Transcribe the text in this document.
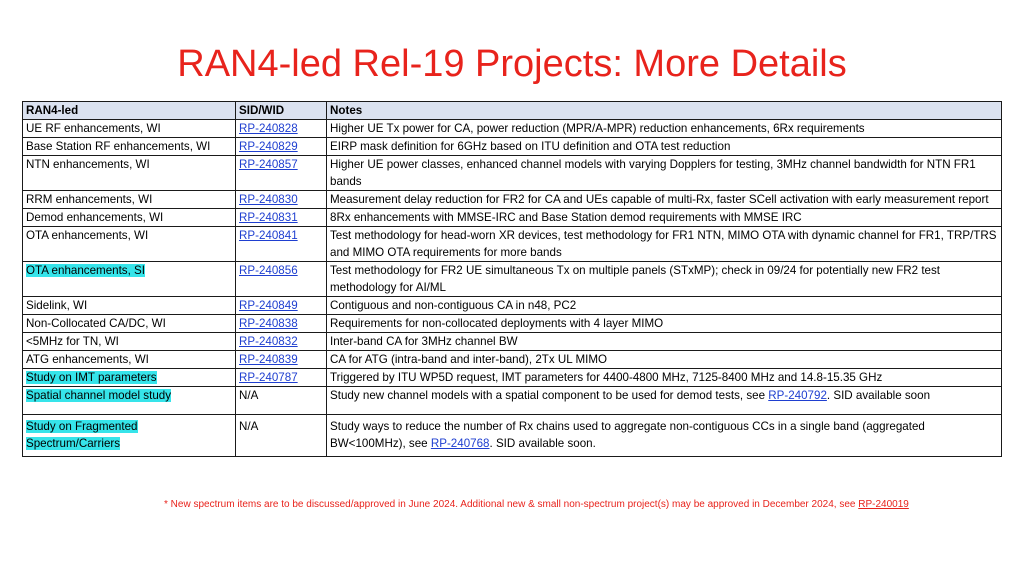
RAN4-led Rel-19 Projects: More Details
RAN4-led	SID/WID	Notes
UE RF enhancements, WI	RP-240828	Higher UE Tx power for CA, power reduction (MPR/A-MPR) reduction enhancements, 6Rx requirements
Base Station RF enhancements, WI	RP-240829	EIRP mask definition for 6GHz based on ITU definition and OTA test reduction
NTN enhancements, WI	RP-240857	Higher UE power classes, enhanced channel models with varying Dopplers for testing, 3MHz channel bandwidth for NTN FR1 bands
RRM enhancements, WI	RP-240830	Measurement delay reduction for FR2 for CA and UEs capable of multi-Rx, faster SCell activation with early measurement report
Demod enhancements, WI	RP-240831	8Rx enhancements with MMSE-IRC and Base Station demod requirements with MMSE IRC
OTA enhancements, WI	RP-240841	Test methodology for head-worn XR devices, test methodology for FR1 NTN, MIMO OTA with dynamic channel for FR1, TRP/TRS and MIMO OTA requirements for more bands
OTA enhancements, SI	RP-240856	Test methodology for FR2 UE simultaneous Tx on multiple panels (STxMP); check in 09/24 for potentially new FR2 test methodology for AI/ML
Sidelink, WI	RP-240849	Contiguous and non-contiguous CA in n48, PC2
Non-Collocated CA/DC, WI	RP-240838	Requirements for non-collocated deployments with 4 layer MIMO
<5MHz for TN, WI	RP-240832	Inter-band CA for 3MHz channel BW
ATG enhancements, WI	RP-240839	CA for ATG (intra-band and inter-band), 2Tx UL MIMO
Study on IMT parameters	RP-240787	Triggered by ITU WP5D request, IMT parameters for 4400-4800 MHz, 7125-8400 MHz and 14.8-15.35 GHz
Spatial channel model study	N/A	Study new channel models with a spatial component to be used for demod tests, see RP-240792. SID available soon
Study on Fragmented Spectrum/Carriers	N/A	Study ways to reduce the number of Rx chains used to aggregate non-contiguous CCs in a single band (aggregated BW<100MHz), see RP-240768. SID available soon.
* New spectrum items are to be discussed/approved in June 2024. Additional new & small non-spectrum project(s) may be approved in December 2024, see RP-240019
